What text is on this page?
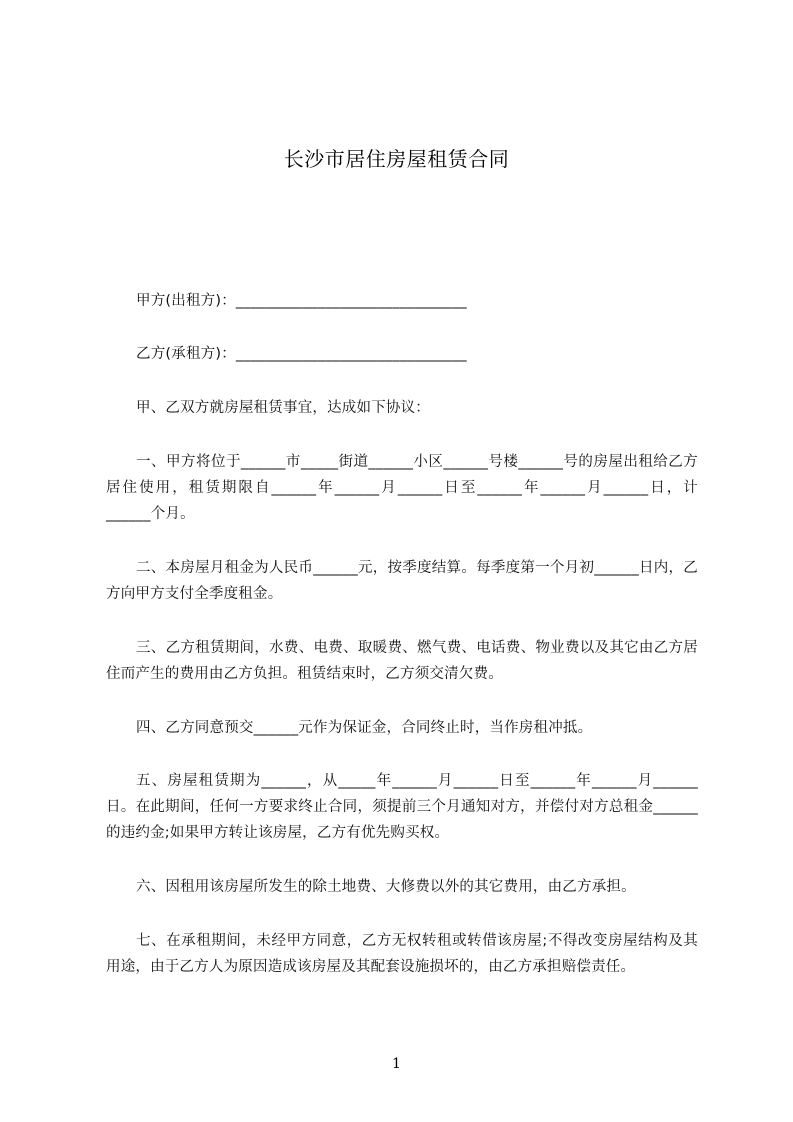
长沙市居住房屋租赁合同
甲方(出租方)：_______________________________
乙方(承租方)：_______________________________
甲、乙双方就房屋租赁事宜，达成如下协议：
一、甲方将位于______市_____街道______小区______号楼______号的房屋出租给乙方居住使用，租赁期限自______年______月______日至______年______月______日，计______个月。
二、本房屋月租金为人民币______元，按季度结算。每季度第一个月初______日内，乙方向甲方支付全季度租金。
三、乙方租赁期间，水费、电费、取暖费、燃气费、电话费、物业费以及其它由乙方居住而产生的费用由乙方负担。租赁结束时，乙方须交清欠费。
四、乙方同意预交______元作为保证金，合同终止时，当作房租冲抵。
五、房屋租赁期为______，从_____年______月______日至______年______月______日。在此期间，任何一方要求终止合同，须提前三个月通知对方，并偿付对方总租金______的违约金;如果甲方转让该房屋，乙方有优先购买权。
六、因租用该房屋所发生的除土地费、大修费以外的其它费用，由乙方承担。
七、在承租期间，未经甲方同意，乙方无权转租或转借该房屋;不得改变房屋结构及其用途，由于乙方人为原因造成该房屋及其配套设施损坏的，由乙方承担赔偿责任。
1
